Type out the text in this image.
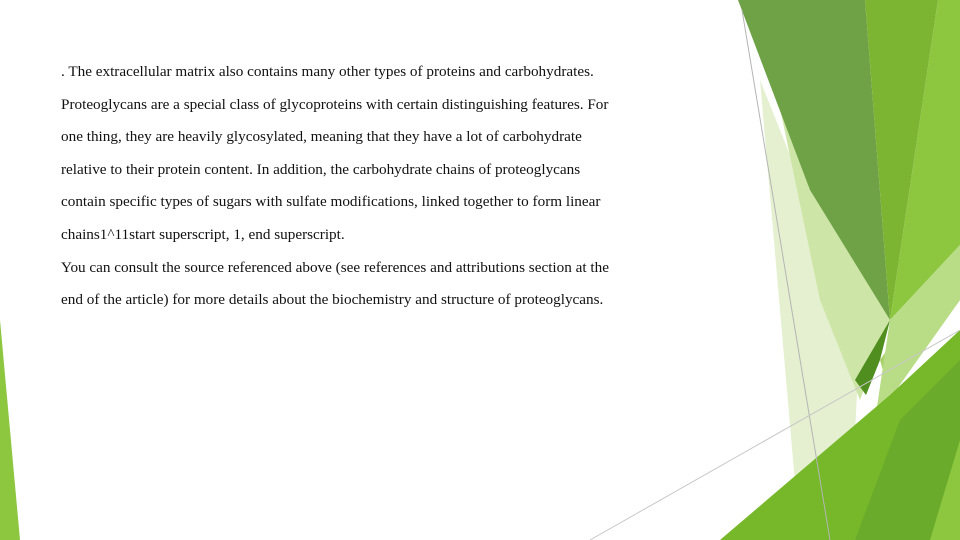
. The extracellular matrix also contains many other types of proteins and carbohydrates.

Proteoglycans are a special class of glycoproteins with certain distinguishing features. For

one thing, they are heavily glycosylated, meaning that they have a lot of carbohydrate

relative to their protein content. In addition, the carbohydrate chains of proteoglycans

contain specific types of sugars with sulfate modifications, linked together to form linear

chains1^11start superscript, 1, end superscript.

You can consult the source referenced above (see references and attributions section at the

end of the article) for more details about the biochemistry and structure of proteoglycans.
